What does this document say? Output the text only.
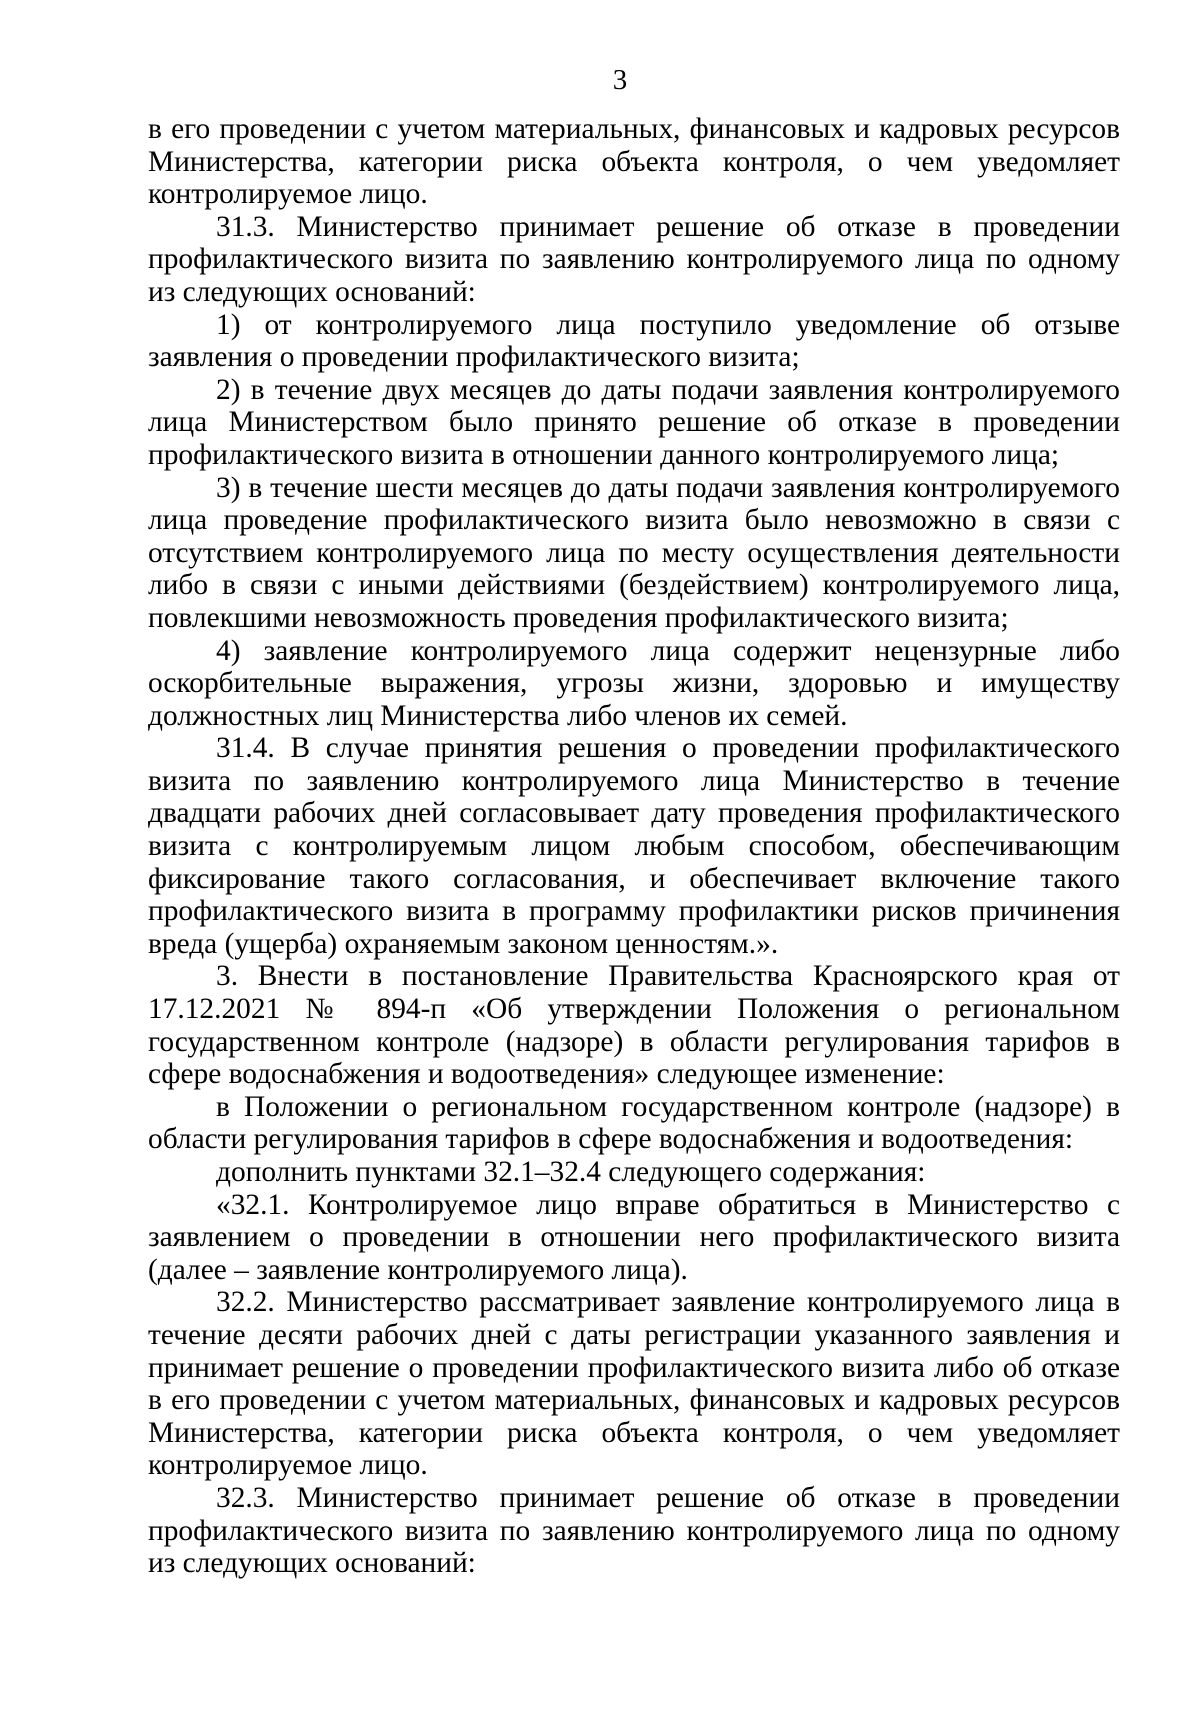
3

в его проведении с учетом материальных, финансовых и кадровых ресурсов Министерства, категории риска объекта контроля, о чем уведомляет контролируемое лицо.

31.3. Министерство принимает решение об отказе в проведении профилактического визита по заявлению контролируемого лица по одному из следующих оснований:

1) от контролируемого лица поступило уведомление об отзыве заявления о проведении профилактического визита;

2) в течение двух месяцев до даты подачи заявления контролируемого лица Министерством было принято решение об отказе в проведении профилактического визита в отношении данного контролируемого лица;

3) в течение шести месяцев до даты подачи заявления контролируемого лица проведение профилактического визита было невозможно в связи с отсутствием контролируемого лица по месту осуществления деятельности либо в связи с иными действиями (бездействием) контролируемого лица, повлекшими невозможность проведения профилактического визита;

4) заявление контролируемого лица содержит нецензурные либо оскорбительные выражения, угрозы жизни, здоровью и имуществу должностных лиц Министерства либо членов их семей.

31.4. В случае принятия решения о проведении профилактического визита по заявлению контролируемого лица Министерство в течение двадцати рабочих дней согласовывает дату проведения профилактического визита с контролируемым лицом любым способом, обеспечивающим фиксирование такого согласования, и обеспечивает включение такого профилактического визита в программу профилактики рисков причинения вреда (ущерба) охраняемым законом ценностям.».

3. Внести в постановление Правительства Красноярского края от 17.12.2021 № 894-п «Об утверждении Положения о региональном государственном контроле (надзоре) в области регулирования тарифов в сфере водоснабжения и водоотведения» следующее изменение:

в Положении о региональном государственном контроле (надзоре) в области регулирования тарифов в сфере водоснабжения и водоотведения:

дополнить пунктами 32.1–32.4 следующего содержания:

«32.1. Контролируемое лицо вправе обратиться в Министерство с заявлением о проведении в отношении него профилактического визита (далее – заявление контролируемого лица).

32.2. Министерство рассматривает заявление контролируемого лица в течение десяти рабочих дней с даты регистрации указанного заявления и принимает решение о проведении профилактического визита либо об отказе в его проведении с учетом материальных, финансовых и кадровых ресурсов Министерства, категории риска объекта контроля, о чем уведомляет контролируемое лицо.

32.3. Министерство принимает решение об отказе в проведении профилактического визита по заявлению контролируемого лица по одному из следующих оснований:
